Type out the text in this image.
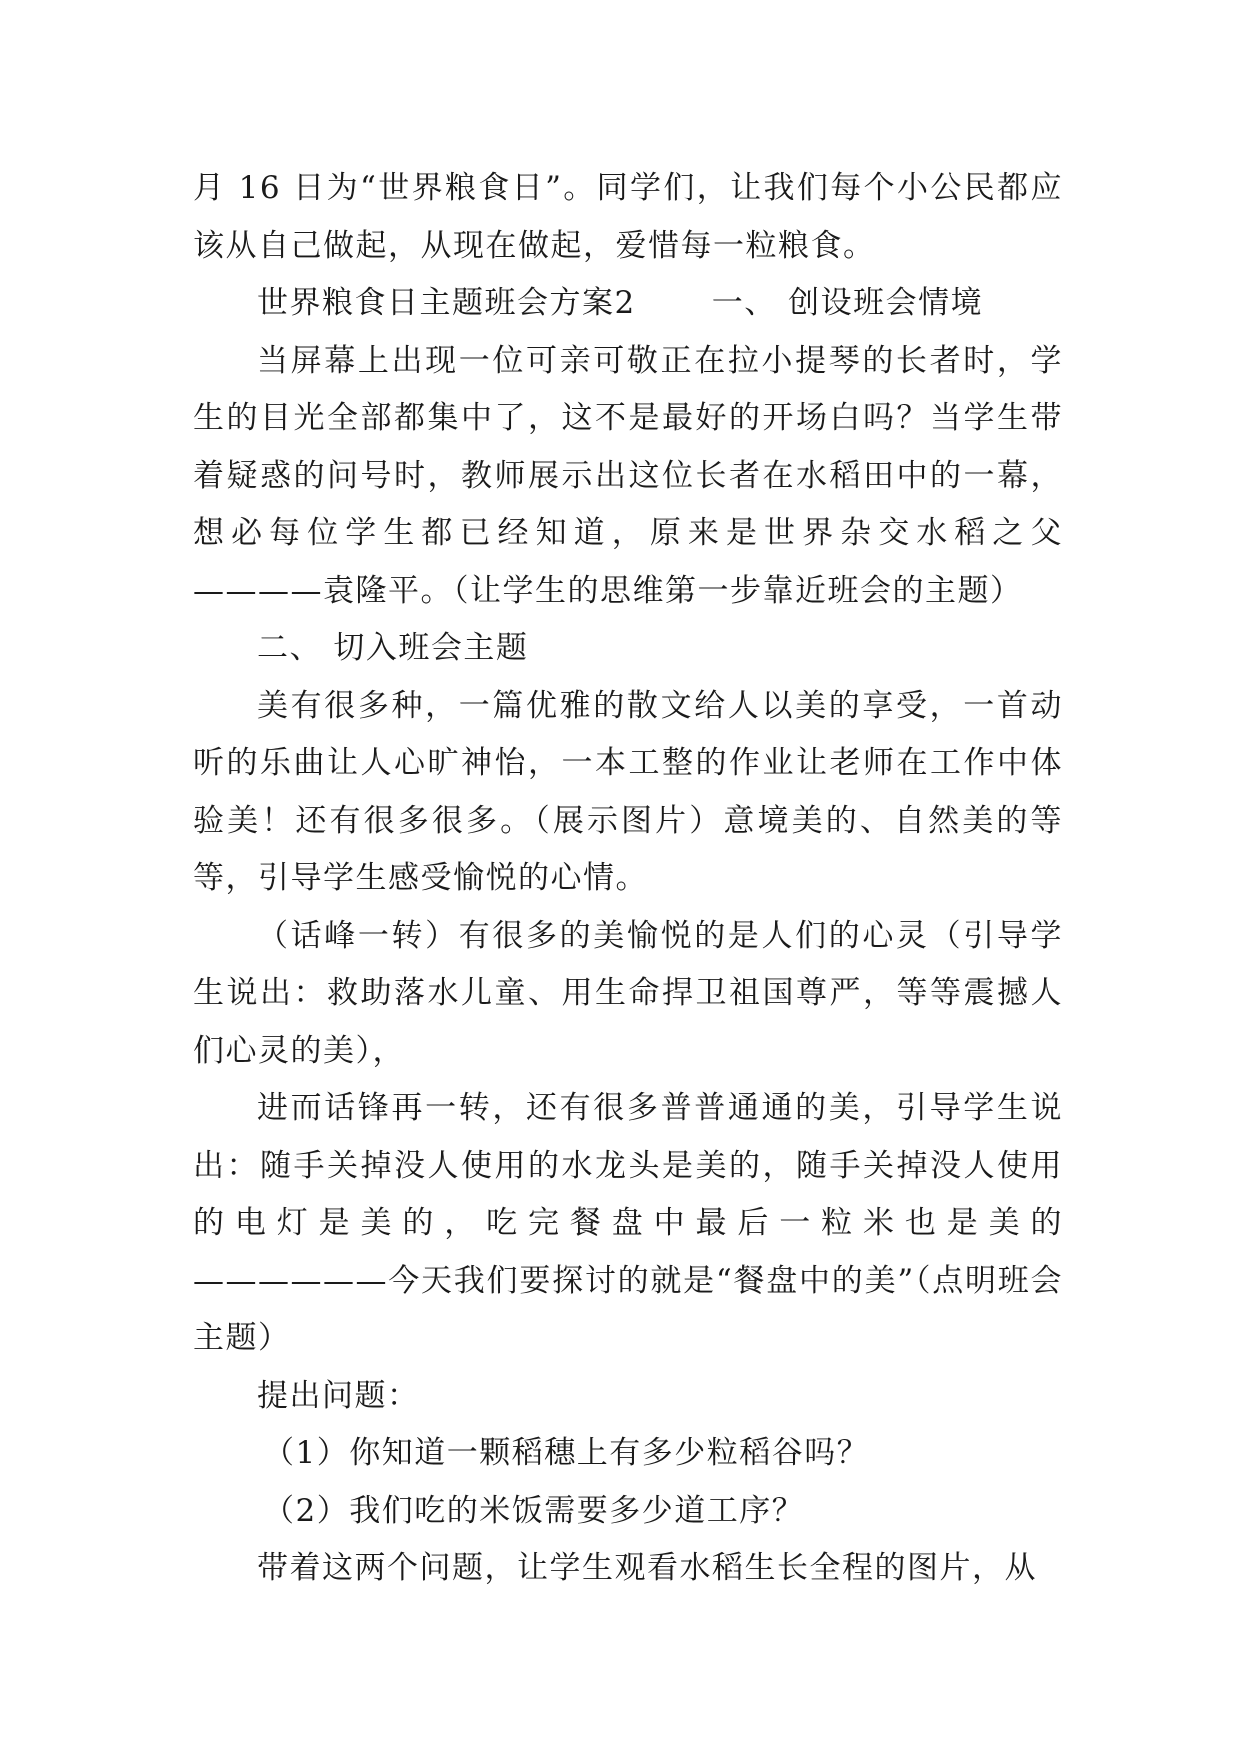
月 16 日为“世界粮食日”。同学们，让我们每个小公民都应该从自己做起，从现在做起，爱惜每一粒粮食。

世界粮食日主题班会方案2 一、 创设班会情境

当屏幕上出现一位可亲可敬正在拉小提琴的长者时，学生的目光全部都集中了，这不是最好的开场白吗？当学生带着疑惑的问号时，教师展示出这位长者在水稻田中的一幕，想必每位学生都已经知道，原来是世界杂交水稻之父————袁隆平。（让学生的思维第一步靠近班会的主题）

二、 切入班会主题

美有很多种，一篇优雅的散文给人以美的享受，一首动听的乐曲让人心旷神怡，一本工整的作业让老师在工作中体验美！还有很多很多。（展示图片）意境美的、自然美的等等，引导学生感受愉悦的心情。

（话峰一转）有很多的美愉悦的是人们的心灵（引导学生说出：救助落水儿童、用生命捍卫祖国尊严，等等震撼人们心灵的美），

进而话锋再一转，还有很多普普通通的美，引导学生说出：随手关掉没人使用的水龙头是美的，随手关掉没人使用的电灯是美的，吃完餐盘中最后一粒米也是美的——————今天我们要探讨的就是“餐盘中的美”（点明班会主题）

提出问题：

（1）你知道一颗稻穗上有多少粒稻谷吗？

（2）我们吃的米饭需要多少道工序？

带着这两个问题，让学生观看水稻生长全程的图片，从
